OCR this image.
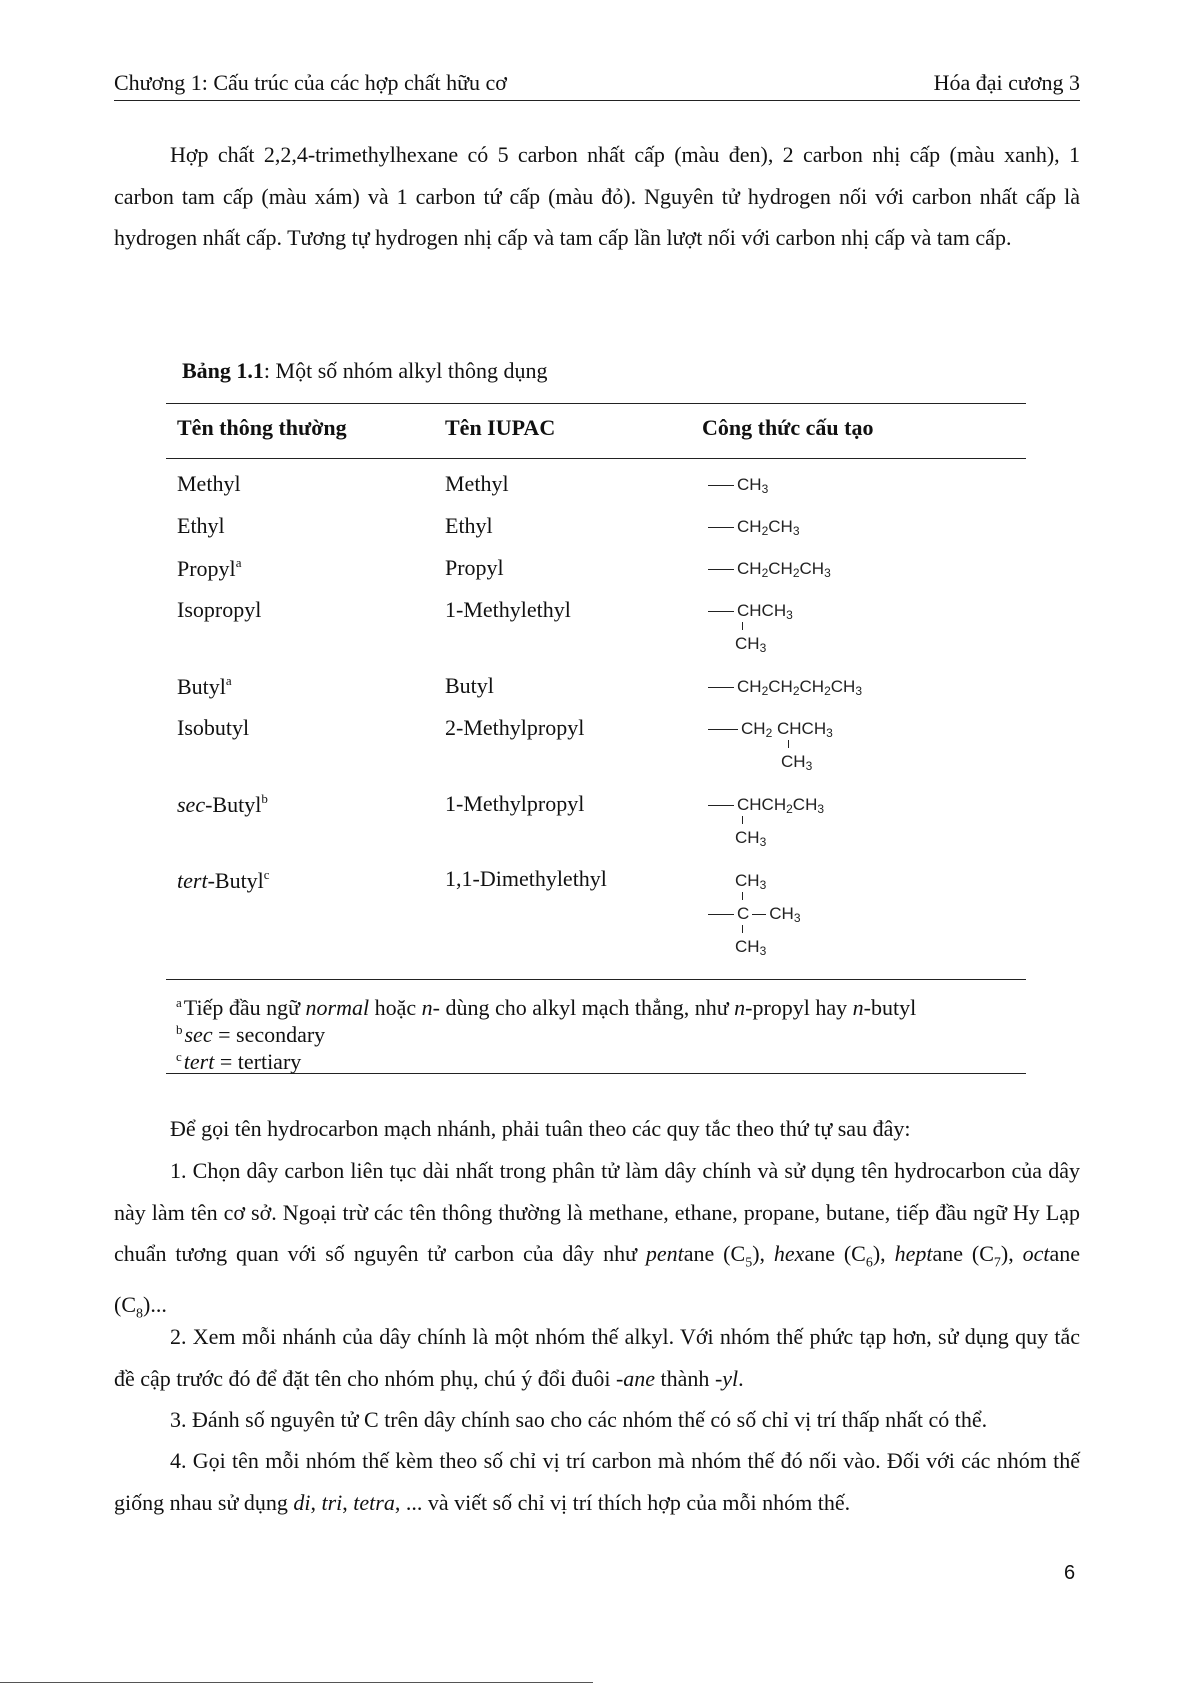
Chương 1: Cấu trúc của các hợp chất hữu cơ	Hóa đại cương 3
Hợp chất 2,2,4-trimethylhexane có 5 carbon nhất cấp (màu đen), 2 carbon nhị cấp (màu xanh), 1 carbon tam cấp (màu xám) và 1 carbon tứ cấp (màu đỏ). Nguyên tử hydrogen nối với carbon nhất cấp là hydrogen nhất cấp. Tương tự hydrogen nhị cấp và tam cấp lần lượt nối với carbon nhị cấp và tam cấp.
Bảng 1.1: Một số nhóm alkyl thông dụng
Tên thông thường	Tên IUPAC	Công thức cấu tạo
Methyl	Methyl	$CH_3$
Ethyl	Ethyl	$CH_2CH_3$
Propyl$^a$	Propyl	$CH_2CH_2CH_3$
Isopropyl	1-Methylethyl	$CHCH_3$
$CH_3$
Butyl$^a$	Butyl	$CH_2CH_2CH_2CH_3$
Isobutyl	2-Methylpropyl	$CH_2$ $CHCH_3$
$CH_3$
sec-Butyl$^b$	1-Methylpropyl	$CHCH_2CH_3$
$CH_3$
tert-Butyl$^c$	1,1-Dimethylethyl	$CH_3$
C $CH_3$
$CH_3$
$^a$Tiếp đầu ngữ normal hoặc n- dùng cho alkyl mạch thẳng, như n-propyl hay n-butyl
$^b$sec = secondary
$^c$tert = tertiary
Để gọi tên hydrocarbon mạch nhánh, phải tuân theo các quy tắc theo thứ tự sau đây:
1. Chọn dây carbon liên tục dài nhất trong phân tử làm dây chính và sử dụng tên hydrocarbon của dây này làm tên cơ sở. Ngoại trừ các tên thông thường là methane, ethane, propane, butane, tiếp đầu ngữ Hy Lạp chuẩn tương quan với số nguyên tử carbon của dây như pentane $(C_5)$, hexane $(C_6)$, heptane $(C_7)$, octane $(C_8)$...
2. Xem mỗi nhánh của dây chính là một nhóm thế alkyl. Với nhóm thế phức tạp hơn, sử dụng quy tắc đề cập trước đó để đặt tên cho nhóm phụ, chú ý đổi đuôi -ane thành -yl.
3. Đánh số nguyên tử C trên dây chính sao cho các nhóm thế có số chỉ vị trí thấp nhất có thể.
4. Gọi tên mỗi nhóm thế kèm theo số chỉ vị trí carbon mà nhóm thế đó nối vào. Đối với các nhóm thế giống nhau sử dụng di, tri, tetra, ... và viết số chỉ vị trí thích hợp của mỗi nhóm thế.
6
